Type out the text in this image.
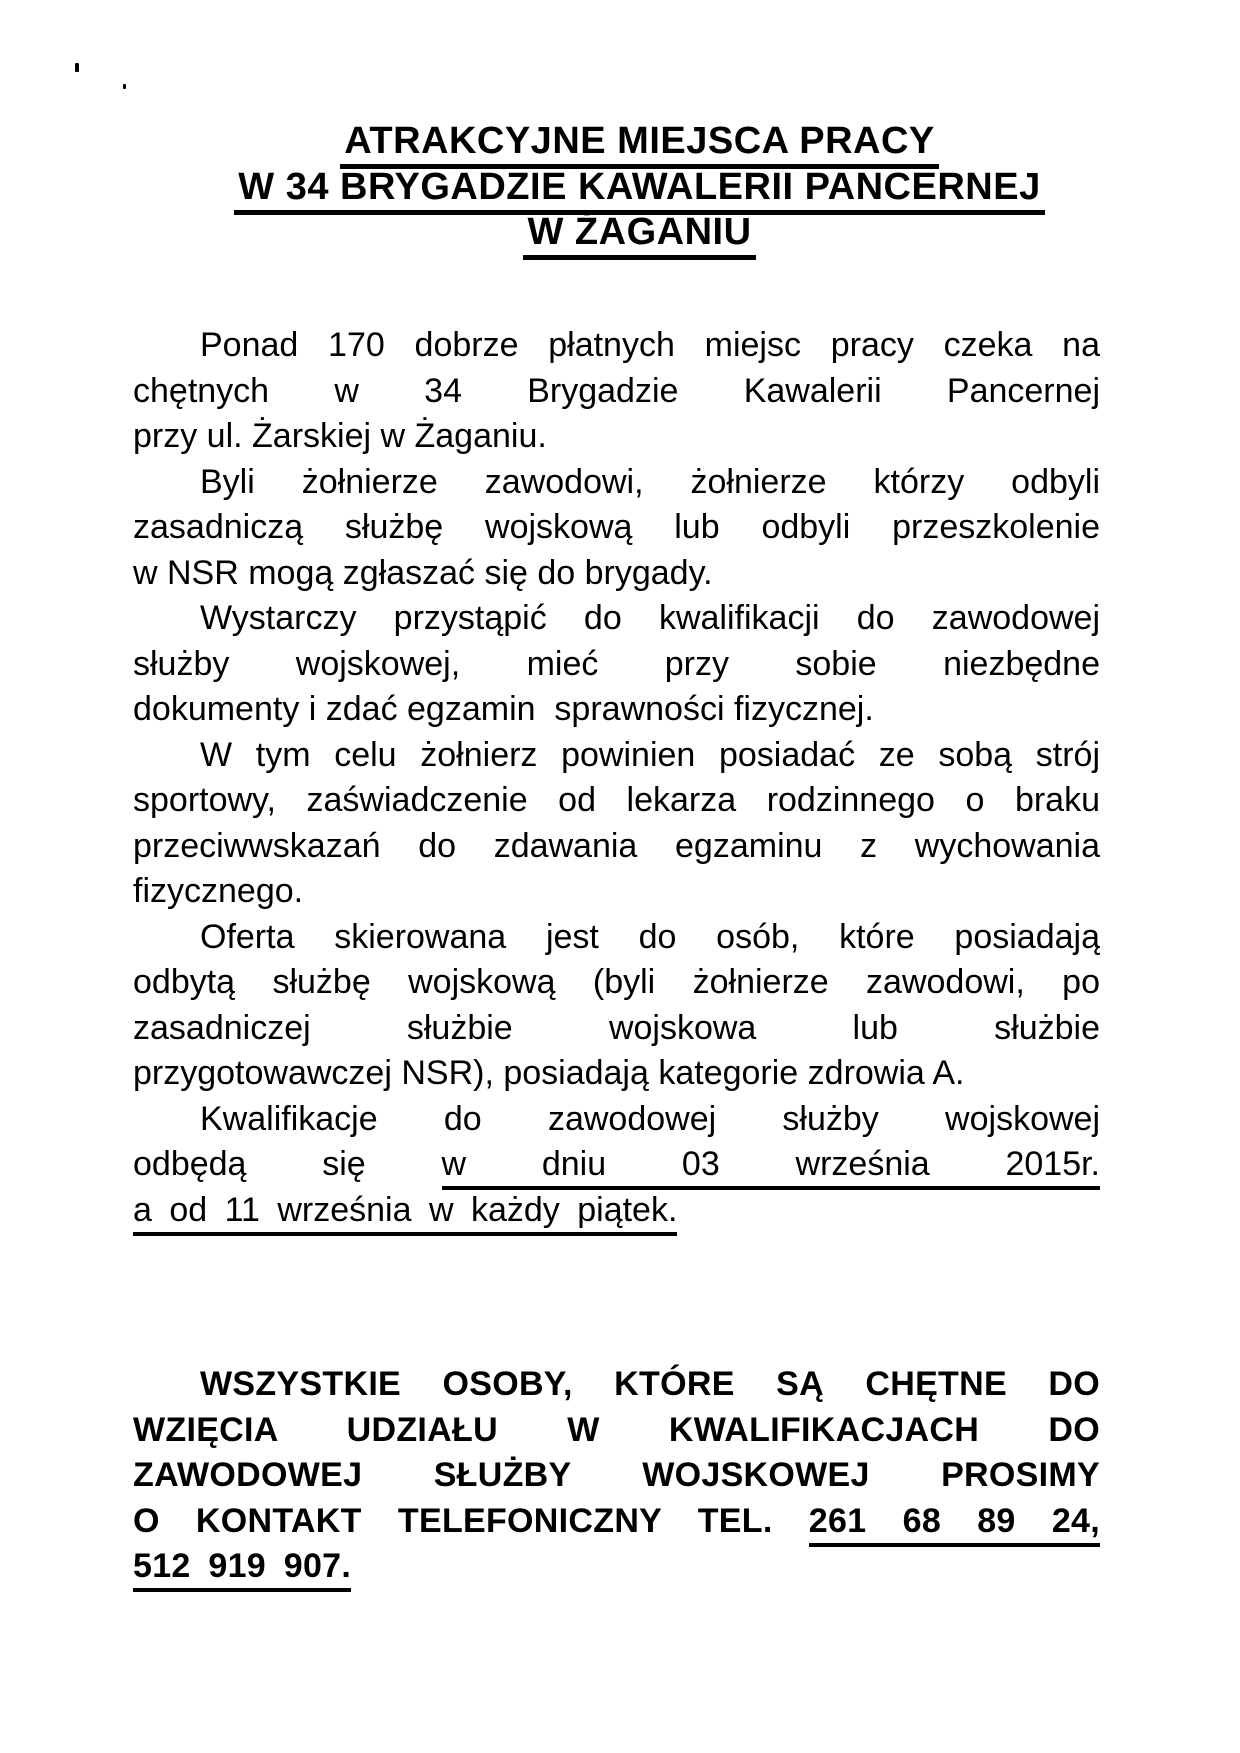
ATRAKCYJNE MIEJSCA PRACY
W 34 BRYGADZIE KAWALERII PANCERNEJ
W ŻAGANIU
Ponad 170 dobrze płatnych miejsc pracy czeka na
chętnych w 34 Brygadzie Kawalerii Pancernej
przy ul. Żarskiej w Żaganiu.
Byli żołnierze zawodowi, żołnierze którzy odbyli
zasadniczą służbę wojskową lub odbyli przeszkolenie
w NSR mogą zgłaszać się do brygady.
Wystarczy przystąpić do kwalifikacji do zawodowej
służby wojskowej, mieć przy sobie niezbędne
dokumenty i zdać egzamin  sprawności fizycznej.
W tym celu żołnierz powinien posiadać ze sobą strój
sportowy, zaświadczenie od lekarza rodzinnego o braku
przeciwwskazań do zdawania egzaminu z wychowania
fizycznego.
Oferta skierowana jest do osób, które posiadają
odbytą służbę wojskową (byli żołnierze zawodowi, po
zasadniczej służbie wojskowa lub służbie
przygotowawczej NSR), posiadają kategorie zdrowia A.
Kwalifikacje do zawodowej służby wojskowej
odbędą się w dniu 03 września 2015r.
a od 11 września w każdy piątek.
WSZYSTKIE OSOBY, KTÓRE SĄ CHĘTNE DO
WZIĘCIA UDZIAŁU W KWALIFIKACJACH DO
ZAWODOWEJ SŁUŻBY WOJSKOWEJ PROSIMY
O KONTAKT TELEFONICZNY TEL. 261 68 89 24,
512 919 907.
